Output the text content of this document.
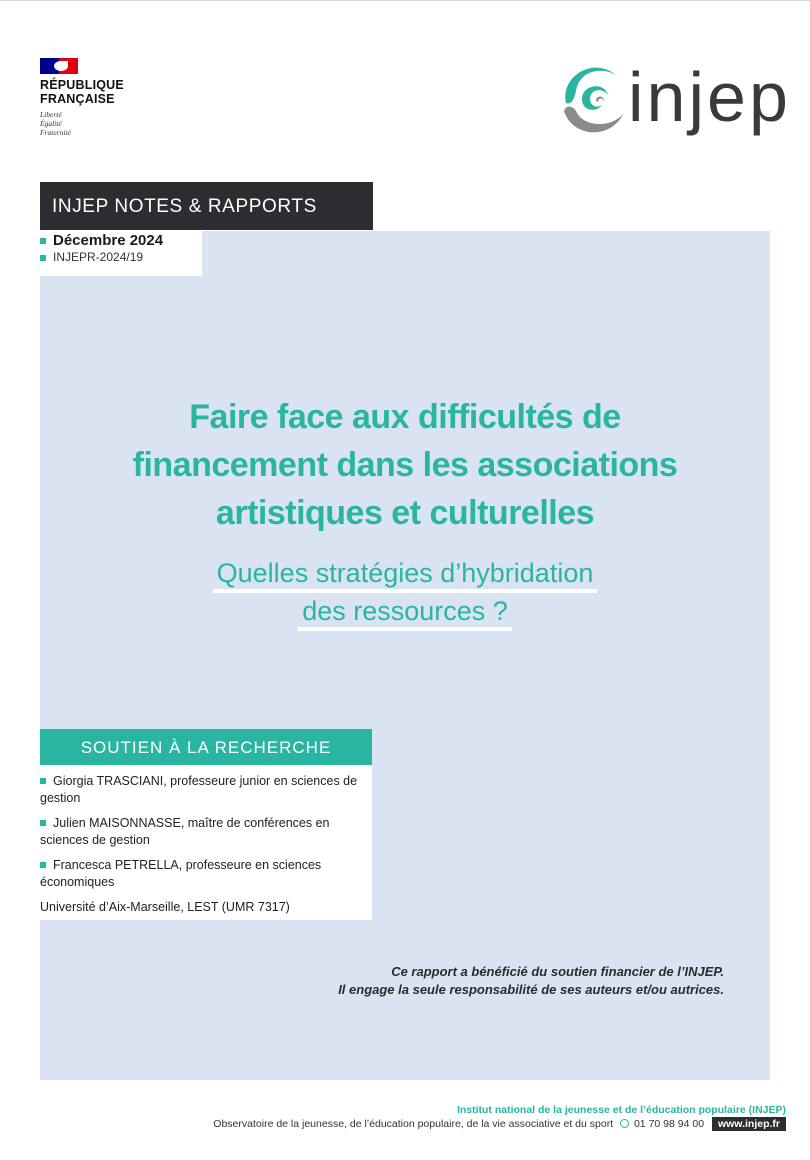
RÉPUBLIQUE
FRANÇAISE
Liberté
Égalité
Fraternité	injep
INJEP NOTES & RAPPORTS
Décembre 2024
INJEPR-2024/19
Faire face aux difficultés de
financement dans les associations
artistiques et culturelles
Quelles stratégies d’hybridation
des ressources ?
SOUTIEN À LA RECHERCHE
Giorgia TRASCIANI, professeure junior en sciences de gestion
Julien MAISONNASSE, maître de conférences en sciences de gestion
Francesca PETRELLA, professeure en sciences économiques
Université d’Aix-Marseille, LEST (UMR 7317)
Ce rapport a bénéficié du soutien financier de l’INJEP.
Il engage la seule responsabilité de ses auteurs et/ou autrices.
Institut national de la jeunesse et de l’éducation populaire (INJEP)
Observatoire de la jeunesse, de l’éducation populaire, de la vie associative et du sport 01 70 98 94 00 www.injep.fr
